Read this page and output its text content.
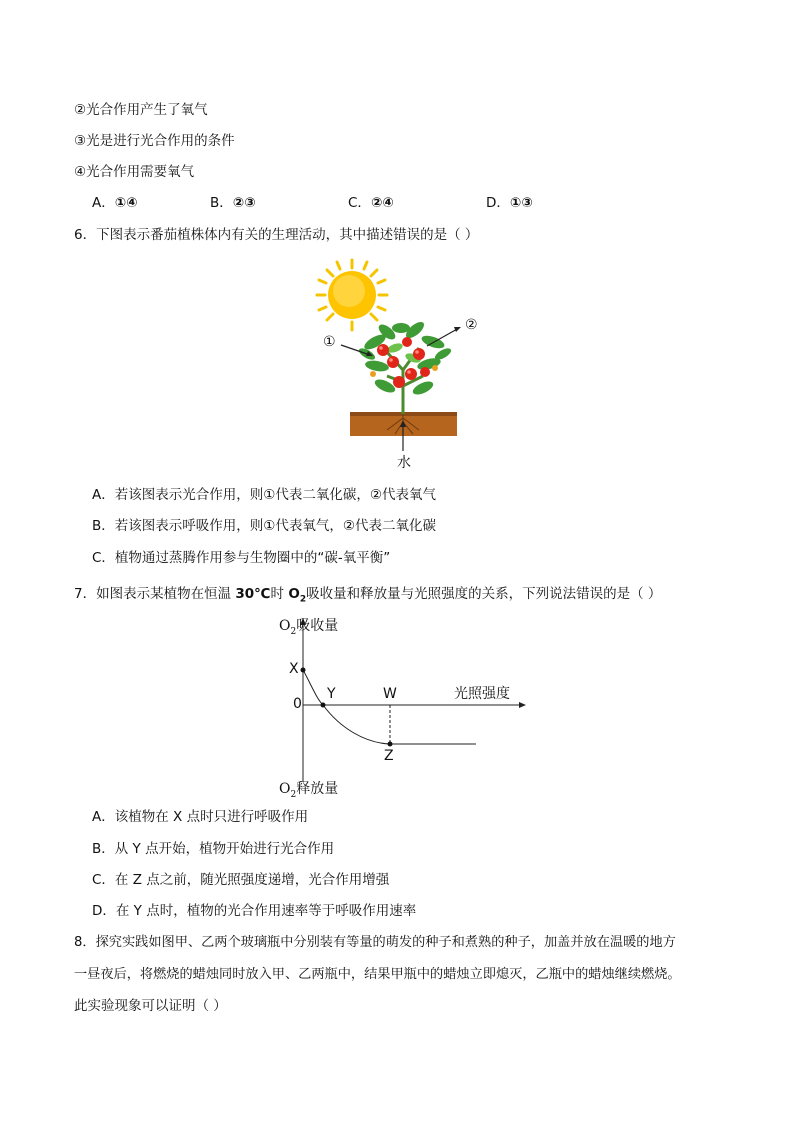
②光合作用产生了氧气
③光是进行光合作用的条件
④光合作用需要氧气
A．①④	B．②③	C．②④	D．①③
6．下图表示番茄植株体内有关的生理活动，其中描述错误的是（ ）
①
②
水
A．若该图表示光合作用，则①代表二氧化碳，②代表氧气
B．若该图表示呼吸作用，则①代表氧气，②代表二氧化碳
C．植物通过蒸腾作用参与生物圈中的“碳-氧平衡”
7．如图表示某植物在恒温 30℃时 $O_2$吸收量和释放量与光照强度的关系，下列说法错误的是（ ）
$O_2$吸收量
X
Y	W
0
光照强度
Z
$O_2$释放量
A．该植物在 X 点时只进行呼吸作用
B．从 Y 点开始，植物开始进行光合作用
C．在 Z 点之前，随光照强度递增，光合作用增强
D．在 Y 点时，植物的光合作用速率等于呼吸作用速率
8．探究实践如图甲、乙两个玻璃瓶中分别装有等量的萌发的种子和煮熟的种子，加盖并放在温暖的地方
一昼夜后，将燃烧的蜡烛同时放入甲、乙两瓶中，结果甲瓶中的蜡烛立即熄灭，乙瓶中的蜡烛继续燃烧。
此实验现象可以证明（ ）
